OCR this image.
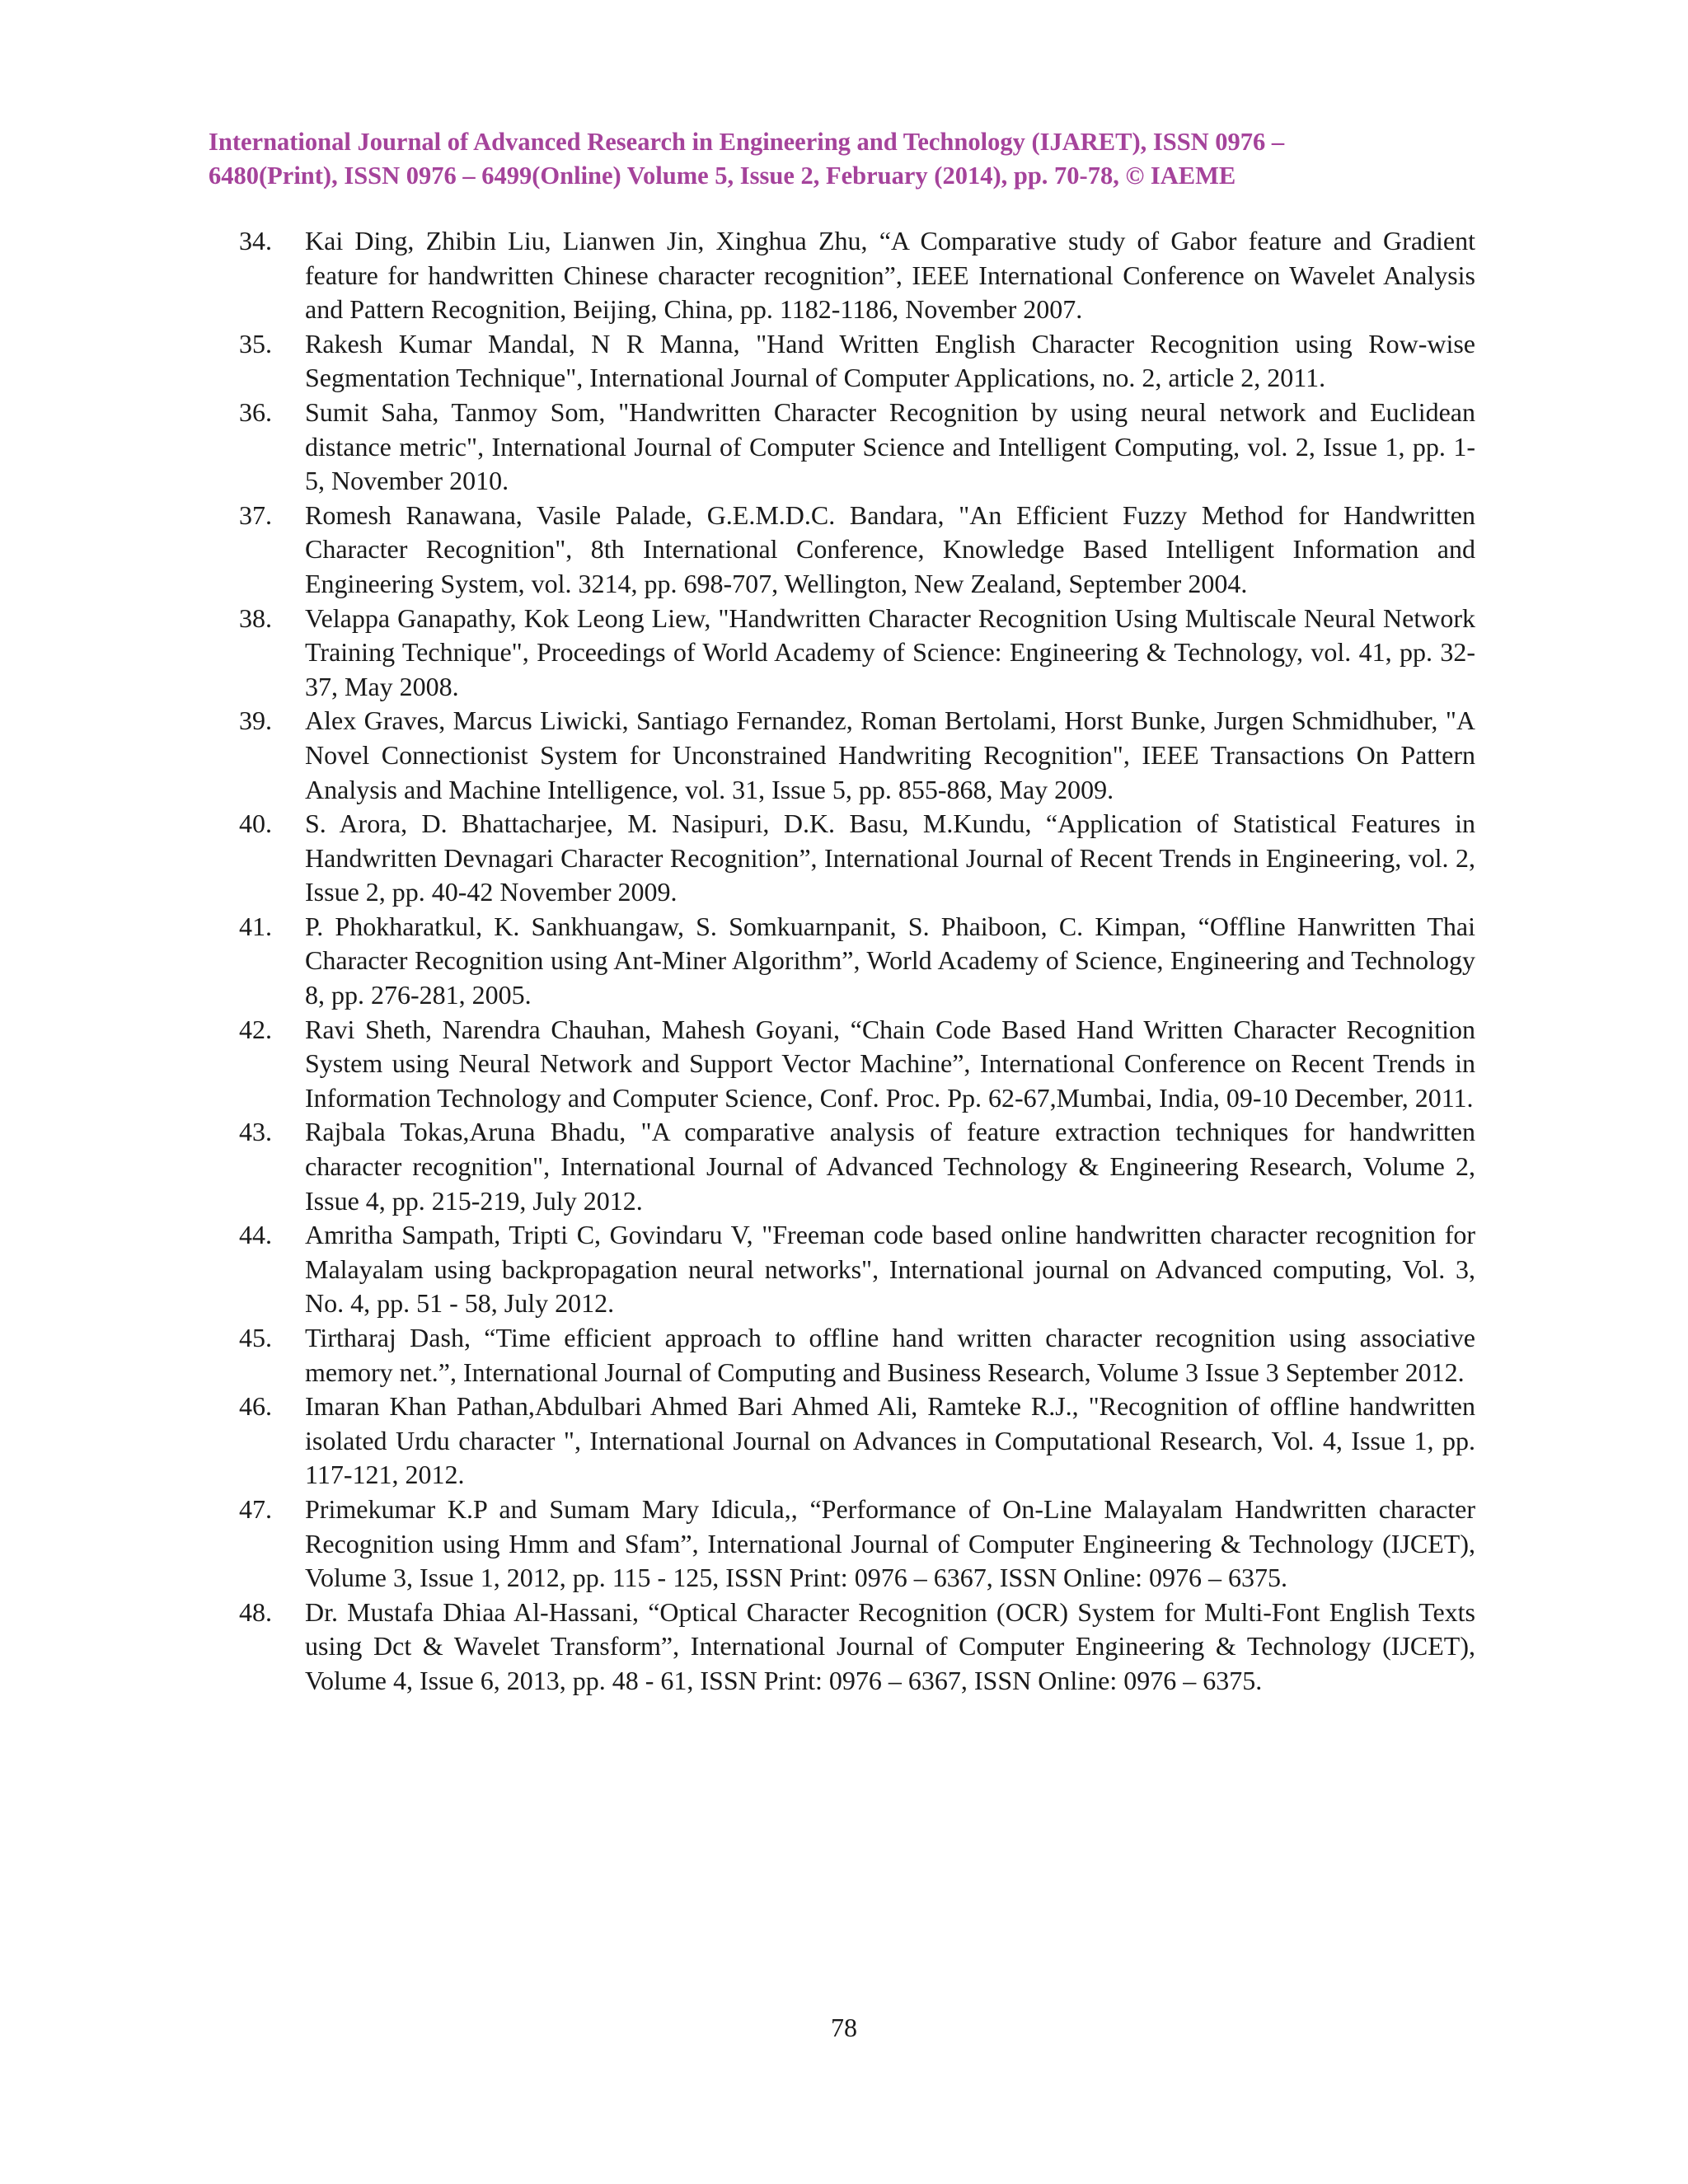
International Journal of Advanced Research in Engineering and Technology (IJARET), ISSN 0976 –
6480(Print), ISSN 0976 – 6499(Online) Volume 5, Issue 2, February (2014), pp. 70-78, © IAEME
34.	Kai Ding, Zhibin Liu, Lianwen Jin, Xinghua Zhu, “A Comparative study of Gabor feature and Gradient feature for handwritten Chinese character recognition”, IEEE International Conference on Wavelet Analysis and Pattern Recognition, Beijing, China, pp. 1182-1186, November 2007.
35.	Rakesh Kumar Mandal, N R Manna, "Hand Written English Character Recognition using Row-wise Segmentation Technique", International Journal of Computer Applications, no. 2, article 2, 2011.
36.	Sumit Saha, Tanmoy Som, "Handwritten Character Recognition by using neural network and Euclidean distance metric", International Journal of Computer Science and Intelligent Computing, vol. 2, Issue 1, pp. 1-5, November 2010.
37.	Romesh Ranawana, Vasile Palade, G.E.M.D.C. Bandara, "An Efficient Fuzzy Method for Handwritten Character Recognition", 8th International Conference, Knowledge Based Intelligent Information and Engineering System, vol. 3214, pp. 698-707, Wellington, New Zealand, September 2004.
38.	Velappa Ganapathy, Kok Leong Liew, "Handwritten Character Recognition Using Multiscale Neural Network Training Technique", Proceedings of World Academy of Science: Engineering & Technology, vol. 41, pp. 32-37, May 2008.
39.	Alex Graves, Marcus Liwicki, Santiago Fernandez, Roman Bertolami, Horst Bunke, Jurgen Schmidhuber, "A Novel Connectionist System for Unconstrained Handwriting Recognition", IEEE Transactions On Pattern Analysis and Machine Intelligence, vol. 31, Issue 5, pp. 855-868, May 2009.
40.	S. Arora, D. Bhattacharjee, M. Nasipuri, D.K. Basu, M.Kundu, “Application of Statistical Features in Handwritten Devnagari Character Recognition”, International Journal of Recent Trends in Engineering, vol. 2, Issue 2, pp. 40-42 November 2009.
41.	P. Phokharatkul, K. Sankhuangaw, S. Somkuarnpanit, S. Phaiboon, C. Kimpan, “Offline Hanwritten Thai Character Recognition using Ant-Miner Algorithm”, World Academy of Science, Engineering and Technology 8, pp. 276-281, 2005.
42.	Ravi Sheth, Narendra Chauhan, Mahesh Goyani, “Chain Code Based Hand Written Character Recognition System using Neural Network and Support Vector Machine”, International Conference on Recent Trends in Information Technology and Computer Science, Conf. Proc. Pp. 62-67,Mumbai, India, 09-10 December, 2011.
43.	Rajbala Tokas,Aruna Bhadu, "A comparative analysis of feature extraction techniques for handwritten character recognition", International Journal of Advanced Technology & Engineering Research, Volume 2, Issue 4, pp. 215-219, July 2012.
44.	Amritha Sampath, Tripti C, Govindaru V, "Freeman code based online handwritten character recognition for Malayalam using backpropagation neural networks", International journal on Advanced computing, Vol. 3, No. 4, pp. 51 - 58, July 2012.
45.	Tirtharaj Dash, “Time efficient approach to offline hand written character recognition using associative memory net.”, International Journal of Computing and Business Research, Volume 3 Issue 3 September 2012.
46.	Imaran Khan Pathan,Abdulbari Ahmed Bari Ahmed Ali, Ramteke R.J., "Recognition of offline handwritten isolated Urdu character ", International Journal on Advances in Computational Research, Vol. 4, Issue 1, pp. 117-121, 2012.
47.	Primekumar K.P and Sumam Mary Idicula,, “Performance of On-Line Malayalam Handwritten character Recognition using Hmm and Sfam”, International Journal of Computer Engineering & Technology (IJCET), Volume 3, Issue 1, 2012, pp. 115 - 125, ISSN Print: 0976 – 6367, ISSN Online: 0976 – 6375.
48.	Dr. Mustafa Dhiaa Al-Hassani, “Optical Character Recognition (OCR) System for Multi-Font English Texts using Dct & Wavelet Transform”, International Journal of Computer Engineering & Technology (IJCET), Volume 4, Issue 6, 2013, pp. 48 - 61, ISSN Print: 0976 – 6367, ISSN Online: 0976 – 6375.
78
